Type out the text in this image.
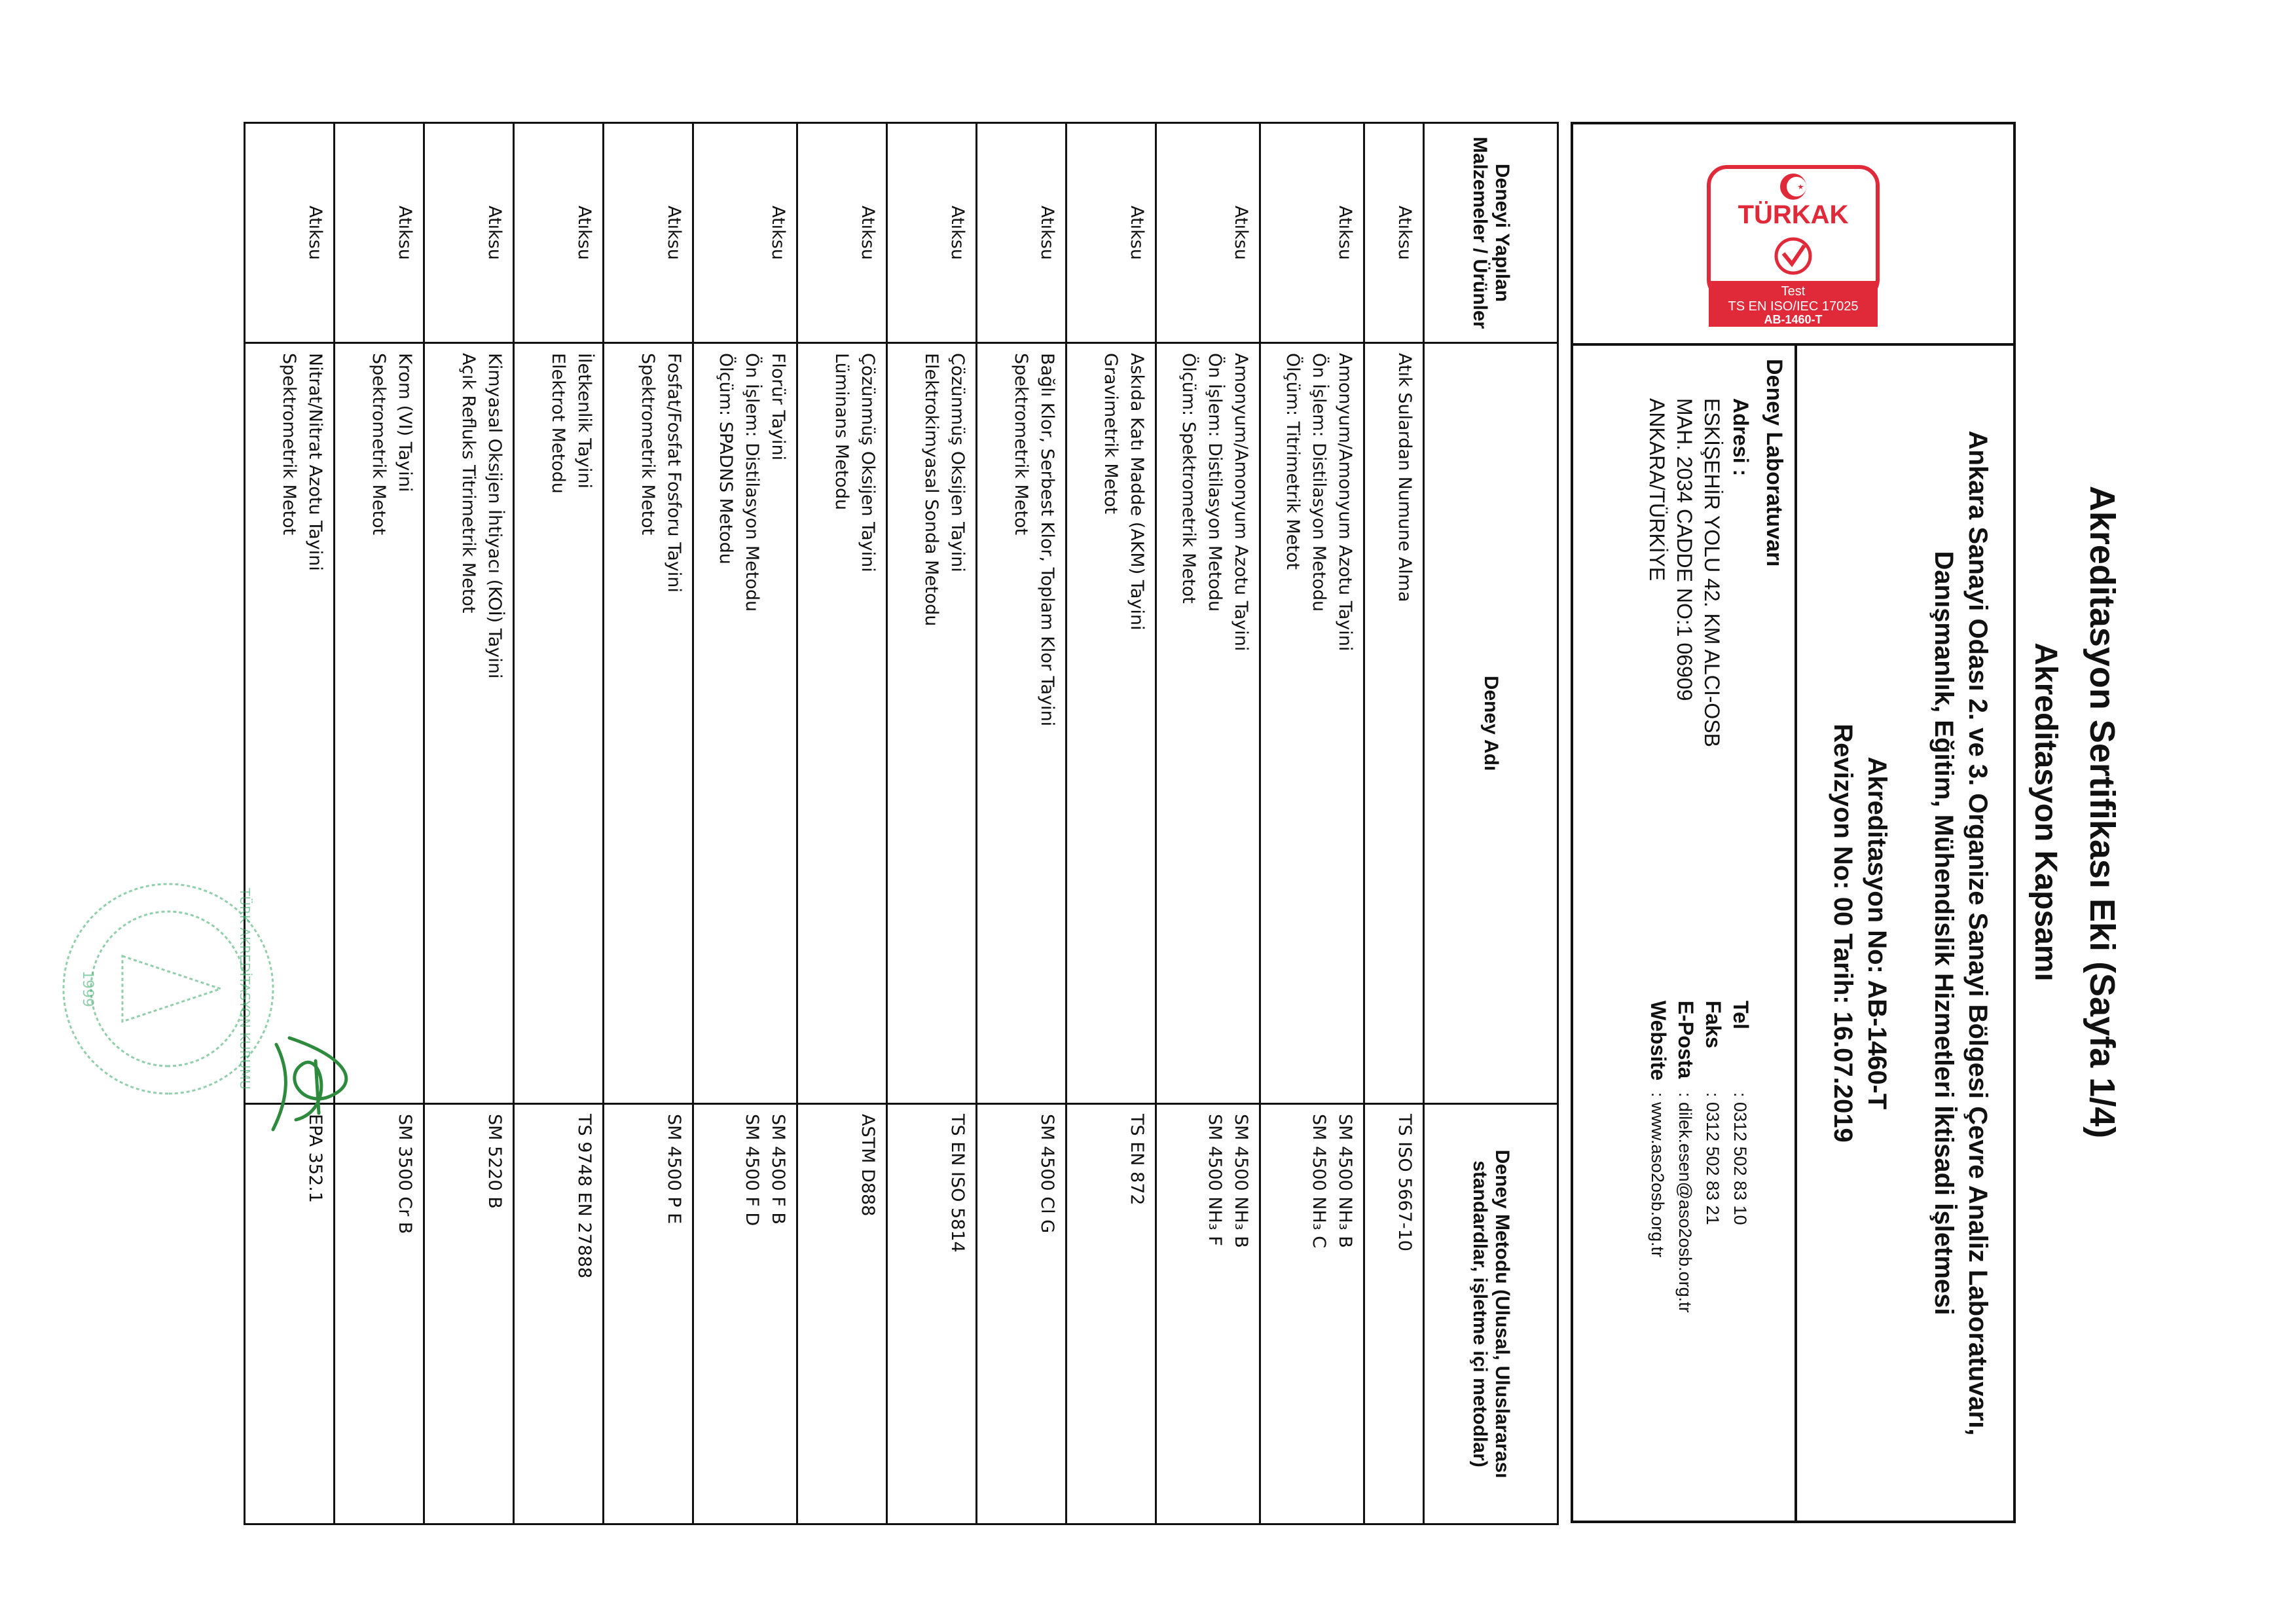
Akreditasyon Sertifikası Eki (Sayfa 1/4)
Akreditasyon Kapsamı
TÜRKAK
Test
TS EN ISO/IEC 17025
AB-1460-T
Ankara Sanayi Odası 2. ve 3. Organize Sanayi Bölgesi Çevre Analiz Laboratuvarı,
Danışmanlık, Eğitim, Mühendislik Hizmetleri İktisadi İşletmesi
Akreditasyon No: AB-1460-T
Revizyon No: 00 Tarih: 16.07.2019
Deney Laboratuvarı
Adresi :
ESKİŞEHİR YOLU 42. KM ALCI-OSB
MAH. 2034 CADDE NO:1 06909
ANKARA/TÜRKİYE
Tel
: 0312 502 83 10
Faks
: 0312 502 83 21
E-Posta
: dilek.esen@aso2osb.org.tr
Website
: www.aso2osb.org.tr
Deneyi Yapılan Malzemeler / Ürünler	Deney Adı	Deney Metodu (Ulusal, Uluslararası standardlar, işletme içi metodlar)
Atıksu	Atık Sulardan Numune Alma	TS ISO 5667-10

Atıksu	Amonyum/Amonyum Azotu Tayini
Ön İşlem: Distilasyon Metodu
Ölçüm: Titrimetrik Metot	SM 4500 NH₃ B
SM 4500 NH₃ C

Atıksu	Amonyum/Amonyum Azotu Tayini
Ön İşlem: Distilasyon Metodu
Ölçüm: Spektrometrik Metot	SM 4500 NH₃ B
SM 4500 NH₃ F

Atıksu	Askıda Katı Madde (AKM) Tayini
Gravimetrik Metot	TS EN 872

Atıksu	Bağlı Klor, Serbest Klor, Toplam Klor Tayini
Spektrometrik Metot	SM 4500 Cl G

Atıksu	Çözünmüş Oksijen Tayini
Elektrokimyasal Sonda Metodu	TS EN ISO 5814

Atıksu	Çözünmüş Oksijen Tayini
Lüminans Metodu	ASTM D888

Atıksu	Florür Tayini
Ön İşlem: Distilasyon Metodu
Ölçüm: SPADNS Metodu	SM 4500 F B
SM 4500 F D

Atıksu	Fosfat/Fosfat Fosforu Tayini
Spektrometrik Metot	SM 4500 P E

Atıksu	İletkenlik Tayini
Elektrot Metodu	TS 9748 EN 27888

Atıksu	Kimyasal Oksijen İhtiyacı (KOİ) Tayini
Açık Refluks Titrimetrik Metot	SM 5220 B

Atıksu	Krom (VI) Tayini
Spektrometrik Metot	SM 3500 Cr B

Atıksu	Nitrat/Nitrat Azotu Tayini
Spektrometrik Metot	EPA 352.1
TÜRK AKREDİTASYON KURUMU
1999
